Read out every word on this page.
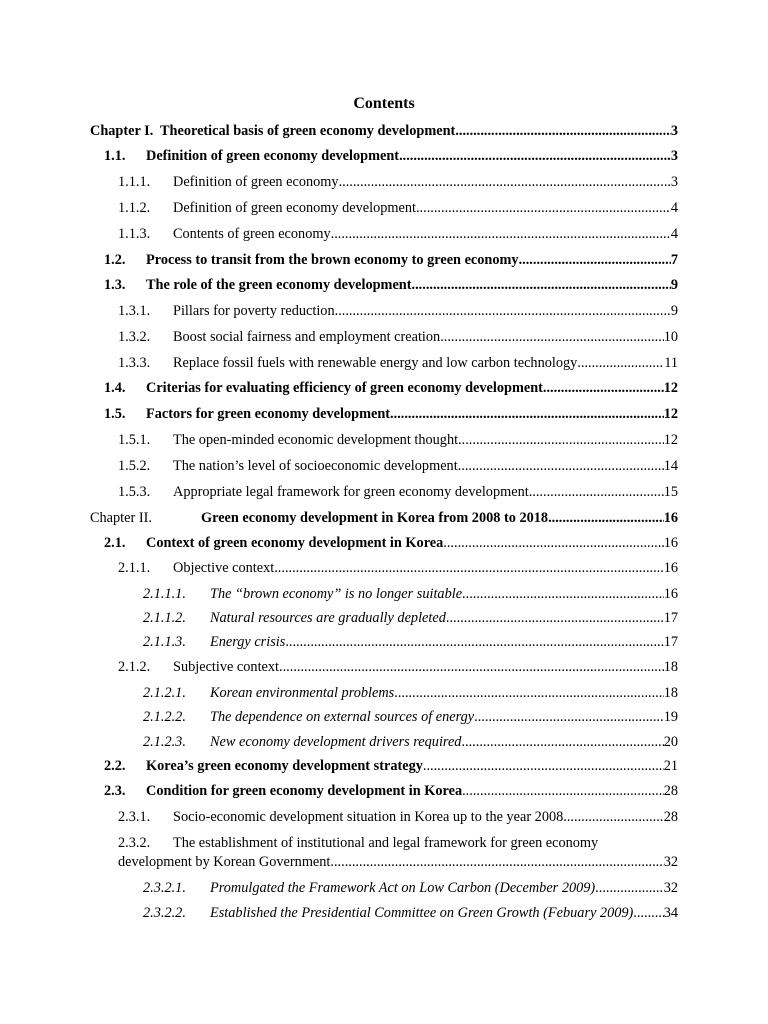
Contents
Chapter I. Theoretical basis of green economy development .....	3
1.1. Definition of green economy development .....	3
1.1.1. Definition of green economy .....	3
1.1.2. Definition of green economy development .....	4
1.1.3. Contents of green economy .....	4
1.2. Process to transit from the brown economy to green economy .....	7
1.3. The role of the green economy development .....	9
1.3.1. Pillars for poverty reduction .....	9
1.3.2. Boost social fairness and employment creation .....	10
1.3.3. Replace fossil fuels with renewable energy and low carbon technology .....	11
1.4. Criterias for evaluating efficiency of green economy development .....	12
1.5. Factors for green economy development .....	12
1.5.1. The open-minded economic development thought .....	12
1.5.2. The nation’s level of socioeconomic development .....	14
1.5.3. Appropriate legal framework for green economy development .....	15
Chapter II.	Green economy development in Korea from 2008 to 2018 .....	16
2.1. Context of green economy development in Korea .....	16
2.1.1. Objective context .....	16
2.1.1.1. The “brown economy” is no longer suitable .....	16
2.1.1.2. Natural resources are gradually depleted .....	17
2.1.1.3. Energy crisis .....	17
2.1.2. Subjective context .....	18
2.1.2.1. Korean environmental problems .....	18
2.1.2.2. The dependence on external sources of energy .....	19
2.1.2.3. New economy development drivers required .....	20
2.2. Korea’s green economy development strategy .....	21
2.3. Condition for green economy development in Korea .....	28
2.3.1. Socio-economic development situation in Korea up to the year 2008 .....	28
2.3.2. The establishment of institutional and legal framework for green economy
development by Korean Government .....	32
2.3.2.1. Promulgated the Framework Act on Low Carbon (December 2009) .....	32
2.3.2.2. Established the Presidential Committee on Green Growth (Febuary 2009) ..... 34
